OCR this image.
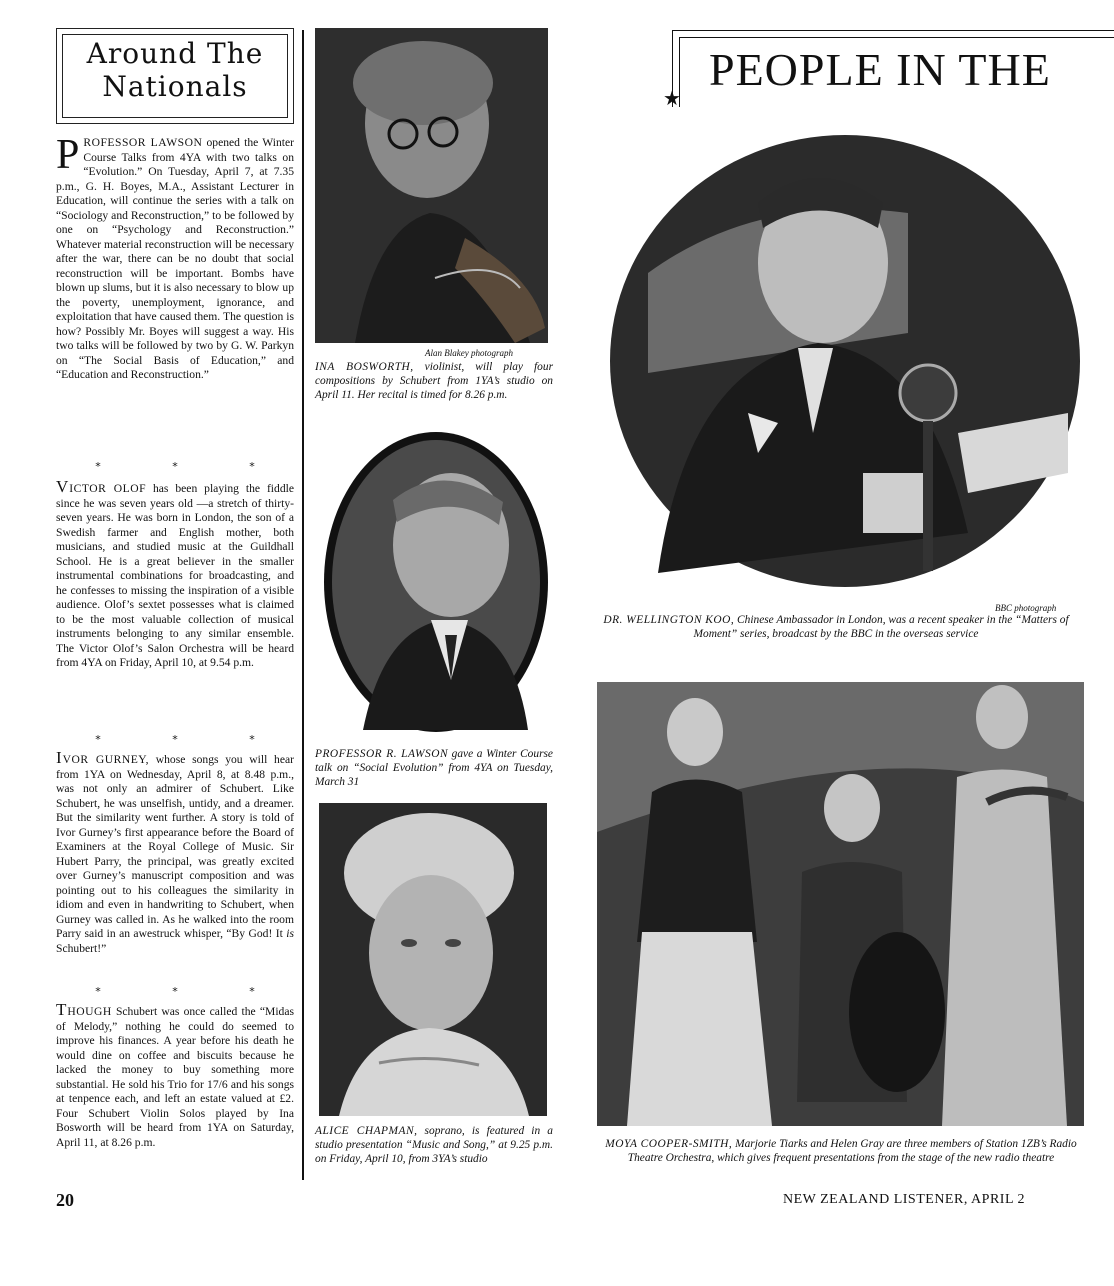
Around The
Nationals

PROFESSOR LAWSON opened the Winter Course Talks from 4YA with two talks on “Evolution.” On Tuesday, April 7, at 7.35 p.m., G. H. Boyes, M.A., Assistant Lecturer in Education, will continue the series with a talk on “Sociology and Reconstruction,” to be followed by one on “Psychology and Reconstruction.” Whatever material reconstruction will be necessary after the war, there can be no doubt that social reconstruction will be important. Bombs have blown up slums, but it is also necessary to blow up the poverty, unemployment, ignorance, and exploitation that have caused them. The question is how? Possibly Mr. Boyes will suggest a way. His two talks will be followed by two by G. W. Parkyn on “The Social Basis of Education,” and “Education and Reconstruction.”

* * *

VICTOR OLOF has been playing the fiddle since he was seven years old —a stretch of thirty-seven years. He was born in London, the son of a Swedish farmer and English mother, both musicians, and studied music at the Guildhall School. He is a great believer in the smaller instrumental combinations for broadcasting, and he confesses to missing the inspiration of a visible audience. Olof’s sextet possesses what is claimed to be the most valuable collection of musical instruments belonging to any similar ensemble. The Victor Olof’s Salon Orchestra will be heard from 4YA on Friday, April 10, at 9.54 p.m.

* * *

IVOR GURNEY, whose songs you will hear from 1YA on Wednesday, April 8, at 8.48 p.m., was not only an admirer of Schubert. Like Schubert, he was unselfish, untidy, and a dreamer. But the similarity went further. A story is told of Ivor Gurney’s first appearance before the Board of Examiners at the Royal College of Music. Sir Hubert Parry, the principal, was greatly excited over Gurney’s manuscript composition and was pointing out to his colleagues the similarity in idiom and even in handwriting to Schubert, when Gurney was called in. As he walked into the room Parry said in an awestruck whisper, “By God! It is Schubert!”

* * *

THOUGH Schubert was once called the “Midas of Melody,” nothing he could do seemed to improve his finances. A year before his death he would dine on coffee and biscuits because he lacked the money to buy something more substantial. He sold his Trio for 17/6 and his songs at tenpence each, and left an estate valued at £2. Four Schubert Violin Solos played by Ina Bosworth will be heard from 1YA on Saturday, April 11, at 8.26 p.m.

Alan Blakey photograph
INA BOSWORTH, violinist, will play four compositions by Schubert from 1YA’s studio on April 11. Her recital is timed for 8.26 p.m.
PROFESSOR R. LAWSON gave a Winter Course talk on “Social Evolution” from 4YA on Tuesday, March 31
ALICE CHAPMAN, soprano, is featured in a studio presentation “Music and Song,” at 9.25 p.m. on Friday, April 10, from 3YA’s studio
PEOPLE IN THE
★
BBC photograph
DR. WELLINGTON KOO, Chinese Ambassador in London, was a recent speaker in the “Matters of Moment” series, broadcast by the BBC in the overseas service
MOYA COOPER-SMITH, Marjorie Tiarks and Helen Gray are three members of Station 1ZB’s Radio Theatre Orchestra, which gives frequent presentations from the stage of the new radio theatre
20	NEW ZEALAND LISTENER, APRIL 2
